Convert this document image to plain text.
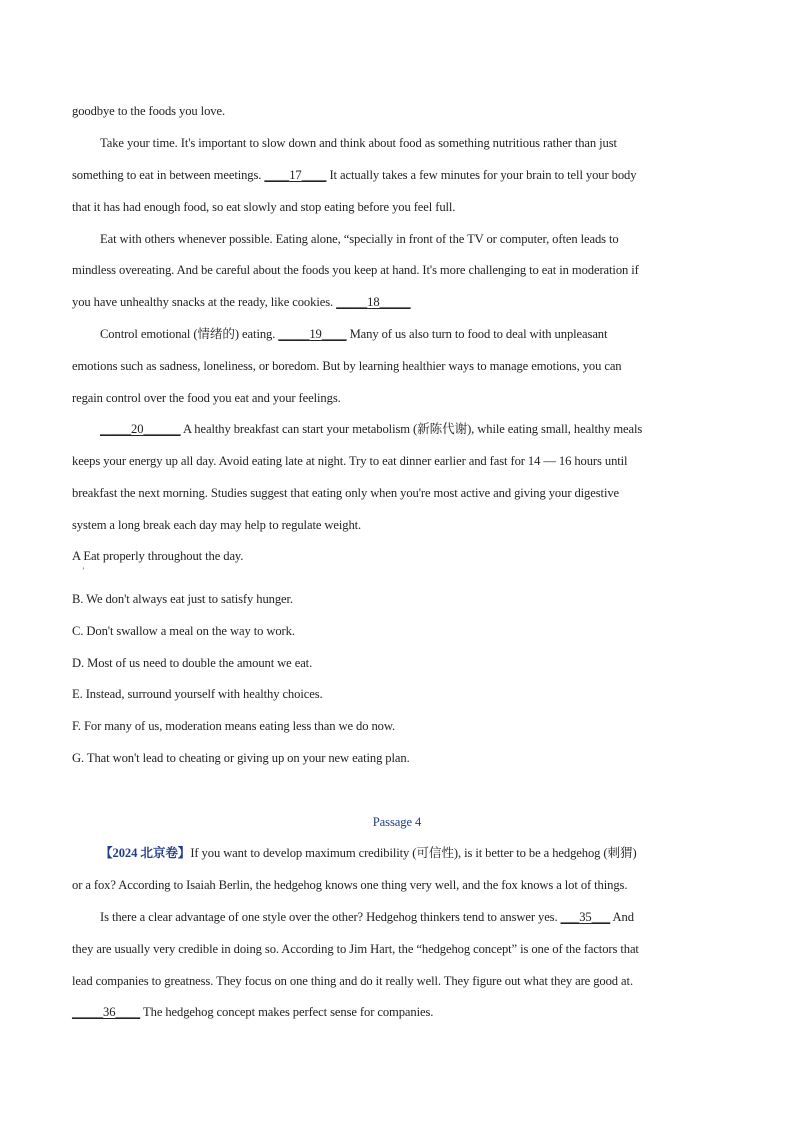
goodbye to the foods you love.
Take your time. It's important to slow down and think about food as something nutritious rather than just
something to eat in between meetings. ____17____ It actually takes a few minutes for your brain to tell your body
that it has had enough food, so eat slowly and stop eating before you feel full.
Eat with others whenever possible. Eating alone, “specially in front of the TV or computer, often leads to
mindless overeating. And be careful about the foods you keep at hand. It's more challenging to eat in moderation if
you have unhealthy snacks at the ready, like cookies. _____18_____
Control emotional (情绪的) eating. _____19____ Many of us also turn to food to deal with unpleasant
emotions such as sadness, loneliness, or boredom. But by learning healthier ways to manage emotions, you can
regain control over the food you eat and your feelings.
_____20______ A healthy breakfast can start your metabolism (新陈代谢), while eating small, healthy meals
keeps your energy up all day. Avoid eating late at night. Try to eat dinner earlier and fast for 14 — 16 hours until
breakfast the next morning. Studies suggest that eating only when you're most active and giving your digestive
system a long break each day may help to regulate weight.
A Eat properly throughout the day.
’
B. We don't always eat just to satisfy hunger.
C. Don't swallow a meal on the way to work.
D. Most of us need to double the amount we eat.
E. Instead, surround yourself with healthy choices.
F. For many of us, moderation means eating less than we do now.
G. That won't lead to cheating or giving up on your new eating plan.
Passage 4
【2024 北京卷】If you want to develop maximum credibility (可信性), is it better to be a hedgehog (刺猬)
or a fox? According to Isaiah Berlin, the hedgehog knows one thing very well, and the fox knows a lot of things.
Is there a clear advantage of one style over the other? Hedgehog thinkers tend to answer yes. ___35___ And
they are usually very credible in doing so. According to Jim Hart, the “hedgehog concept” is one of the factors that
lead companies to greatness. They focus on one thing and do it really well. They figure out what they are good at.
_____36____ The hedgehog concept makes perfect sense for companies.
